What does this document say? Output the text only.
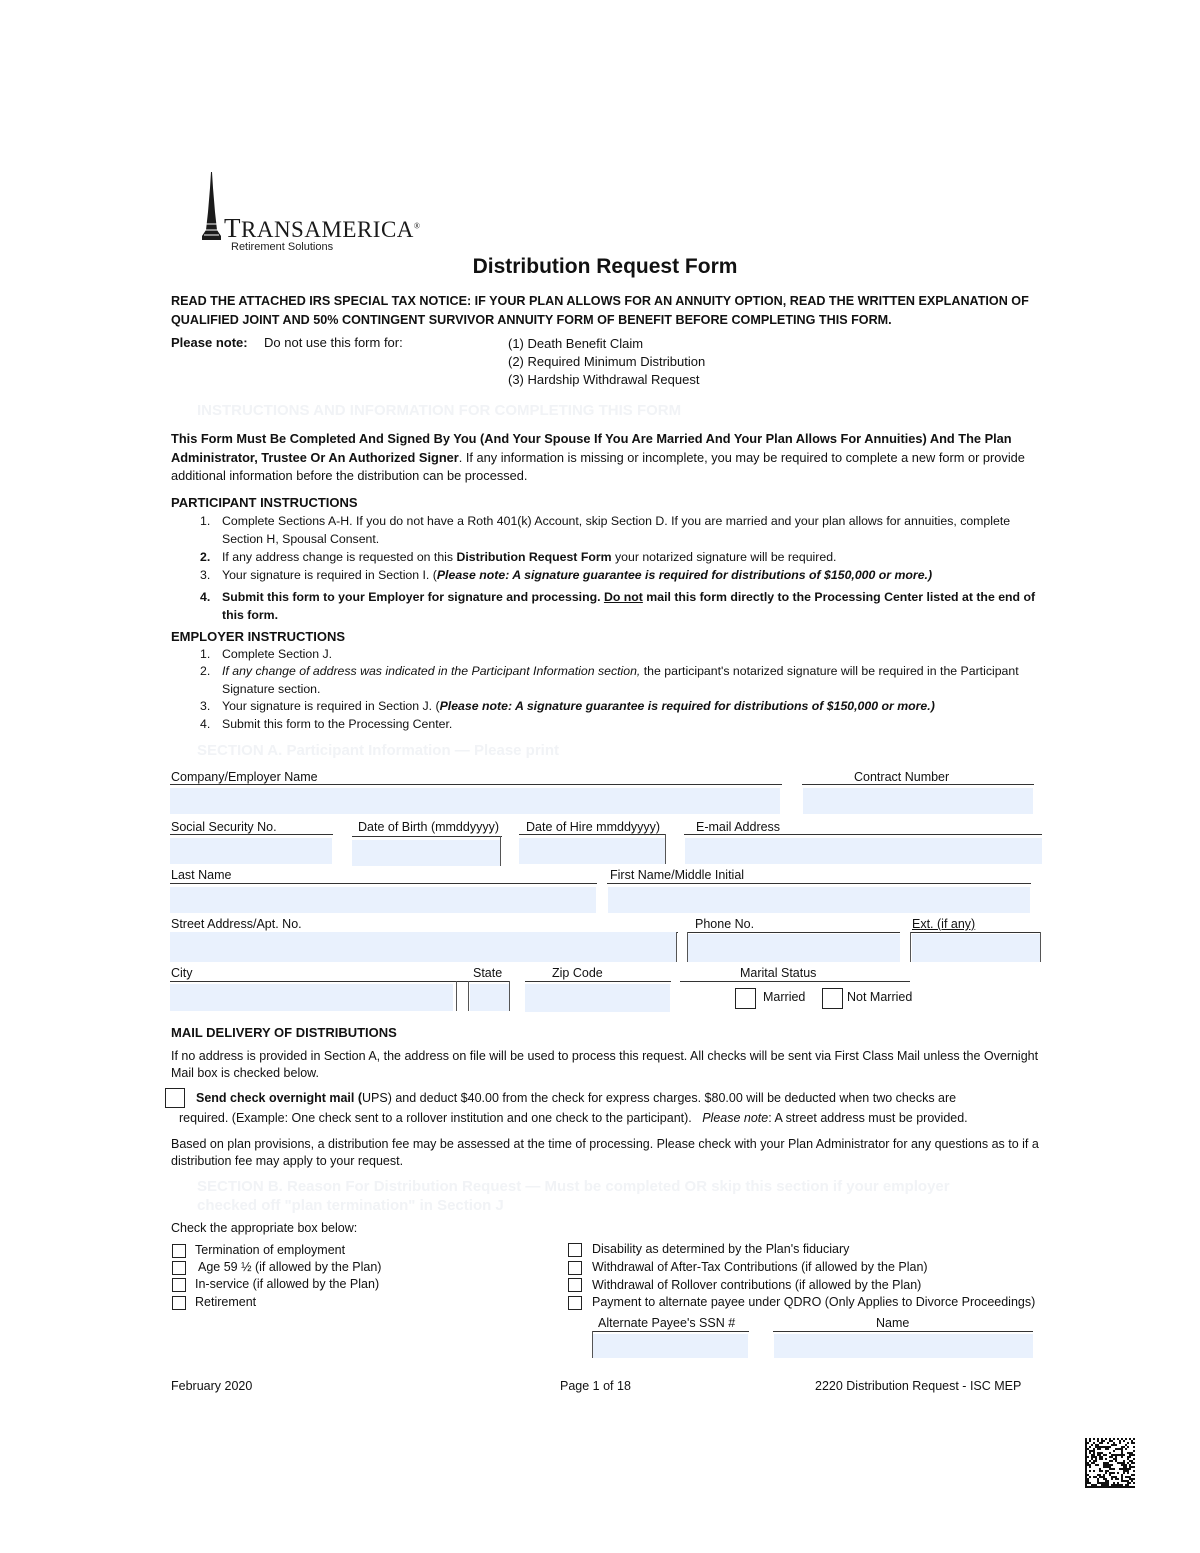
TRANSAMERICA®
Retirement Solutions
Distribution Request Form
READ THE ATTACHED IRS SPECIAL TAX NOTICE: IF YOUR PLAN ALLOWS FOR AN ANNUITY OPTION, READ THE WRITTEN EXPLANATION OF QUALIFIED JOINT AND 50% CONTINGENT SURVIVOR ANNUITY FORM OF BENEFIT BEFORE COMPLETING THIS FORM.
Please note: Do not use this form for:	(1) Death Benefit Claim
(2) Required Minimum Distribution
(3) Hardship Withdrawal Request
INSTRUCTIONS AND INFORMATION FOR COMPLETING THIS FORM
This Form Must Be Completed And Signed By You (And Your Spouse If You Are Married And Your Plan Allows For Annuities) And The Plan Administrator, Trustee Or An Authorized Signer. If any information is missing or incomplete, you may be required to complete a new form or provide additional information before the distribution can be processed.
PARTICIPANT INSTRUCTIONS
1. Complete Sections A-H. If you do not have a Roth 401(k) Account, skip Section D. If you are married and your plan allows for annuities, complete Section H, Spousal Consent.
2. If any address change is requested on this Distribution Request Form your notarized signature will be required.
3. Your signature is required in Section I. (Please note: A signature guarantee is required for distributions of $150,000 or more.)
4. Submit this form to your Employer for signature and processing. Do not mail this form directly to the Processing Center listed at the end of this form.
EMPLOYER INSTRUCTIONS
1. Complete Section J.
2. If any change of address was indicated in the Participant Information section, the participant's notarized signature will be required in the Participant Signature section.
3. Your signature is required in Section J. (Please note: A signature guarantee is required for distributions of $150,000 or more.)
4. Submit this form to the Processing Center.
SECTION A. Participant Information — Please print
Company/Employer Name	Contract Number
Social Security No.	Date of Birth (mmddyyyy) Date of Hire mmddyyyy)	E-mail Address
Last Name	First Name/Middle Initial
Street Address/Apt. No.	Phone No.	Ext. (if any)
City	State	Zip Code	Marital Status
Married	Not Married
MAIL DELIVERY OF DISTRIBUTIONS
If no address is provided in Section A, the address on file will be used to process this request. All checks will be sent via First Class Mail unless the Overnight Mail box is checked below.
Send check overnight mail (UPS) and deduct $40.00 from the check for express charges. $80.00 will be deducted when two checks are
required. (Example: One check sent to a rollover institution and one check to the participant). Please note: A street address must be provided.
Based on plan provisions, a distribution fee may be assessed at the time of processing. Please check with your Plan Administrator for any questions as to if a distribution fee may apply to your request.
SECTION B. Reason For Distribution Request — Must be completed OR skip this section if your employer
checked off "plan termination" in Section J
Check the appropriate box below:
Termination of employment
Age 59 ½ (if allowed by the Plan)
In-service (if allowed by the Plan)
Retirement
Disability as determined by the Plan's fiduciary
Withdrawal of After-Tax Contributions (if allowed by the Plan)
Withdrawal of Rollover contributions (if allowed by the Plan)
Payment to alternate payee under QDRO (Only Applies to Divorce Proceedings)
Alternate Payee's SSN #	Name
February 2020	Page 1 of 18	2220 Distribution Request - ISC MEP
